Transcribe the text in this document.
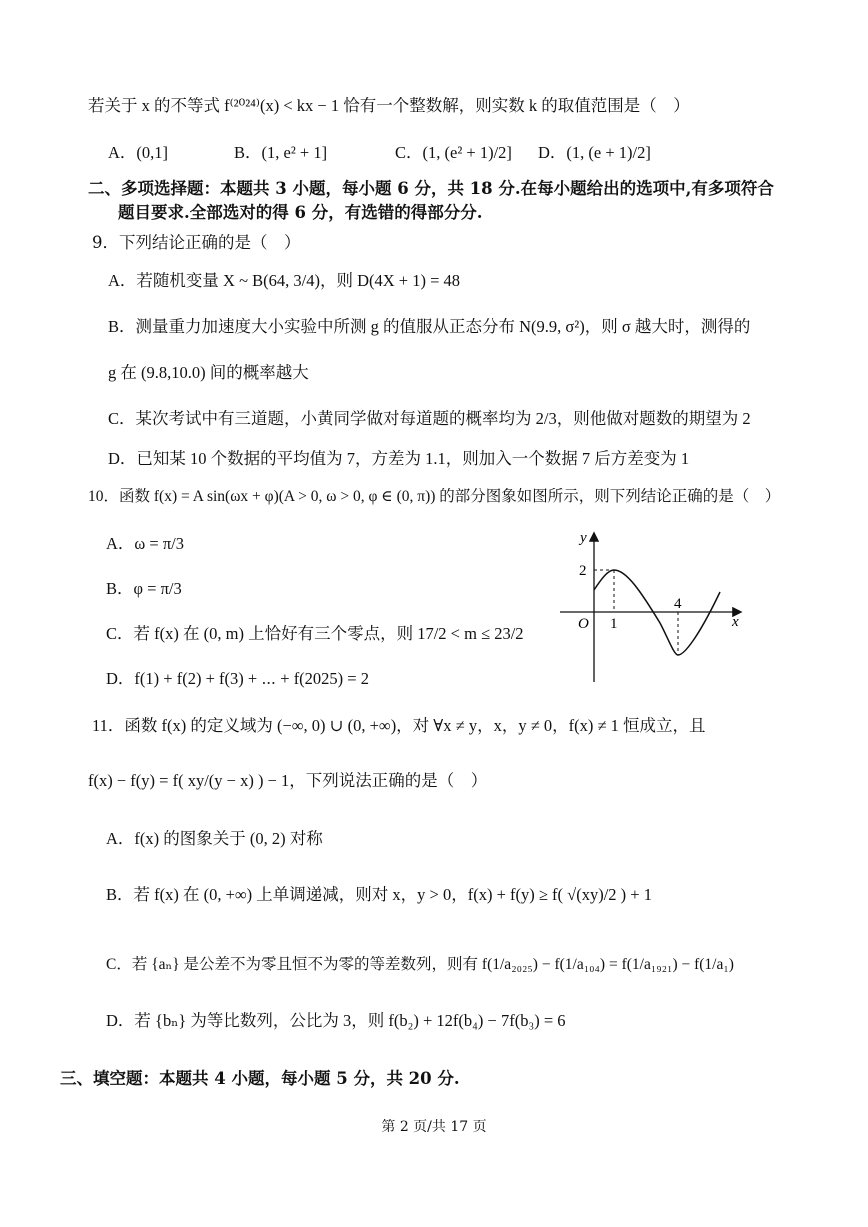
若关于 x 的不等式 f⁽²⁰²⁴⁾(x) < kx − 1 恰有一个整数解，则实数 k 的取值范围是（　）
A．(0,1]	B．(1, e² + 1]	C．(1, (e² + 1)/2] D．(1, (e + 1)/2]
二、多项选择题：本题共 3 小题，每小题 6 分，共 18 分.在每小题给出的选项中,有多项符合
题目要求.全部选对的得 6 分，有选错的得部分分.
9．下列结论正确的是（　）
A．若随机变量 X ~ B(64, 3/4)，则 D(4X + 1) = 48
B．测量重力加速度大小实验中所测 g 的值服从正态分布 N(9.9, σ²)，则 σ 越大时，测得的
g 在 (9.8,10.0) 间的概率越大
C．某次考试中有三道题，小黄同学做对每道题的概率均为 2/3，则他做对题数的期望为 2
D．已知某 10 个数据的平均值为 7，方差为 1.1，则加入一个数据 7 后方差变为 1
10．函数 f(x) = A sin(ωx + φ)(A > 0, ω > 0, φ ∈ (0, π)) 的部分图象如图所示，则下列结论正确的是（　）
A．ω = π/3
B．φ = π/3
C．若 f(x) 在 (0, m) 上恰好有三个零点，则 17/2 < m ≤ 23/2
D．f(1) + f(2) + f(3) + ⋯ + f(2025) = 2
y
x
O 1
4
2
11．函数 f(x) 的定义域为 (−∞, 0) ∪ (0, +∞)，对 ∀x ≠ y，x，y ≠ 0，f(x) ≠ 1 恒成立，且
f(x) − f(y) = f( xy/(y − x) ) − 1，下列说法正确的是（　）
A．f(x) 的图象关于 (0, 2) 对称
B．若 f(x) 在 (0, +∞) 上单调递减，则对 x，y > 0，f(x) + f(y) ≥ f( √(xy)/2 ) + 1
C．若 {aₙ} 是公差不为零且恒不为零的等差数列，则有 f(1/a₂₀₂₅) − f(1/a₁₀₄) = f(1/a₁₉₂₁) − f(1/a₁)
D．若 {bₙ} 为等比数列，公比为 3，则 f(b₂) + 12f(b₄) − 7f(b₃) = 6
三、填空题：本题共 4 小题，每小题 5 分，共 20 分.
第 2 页/共 17 页
